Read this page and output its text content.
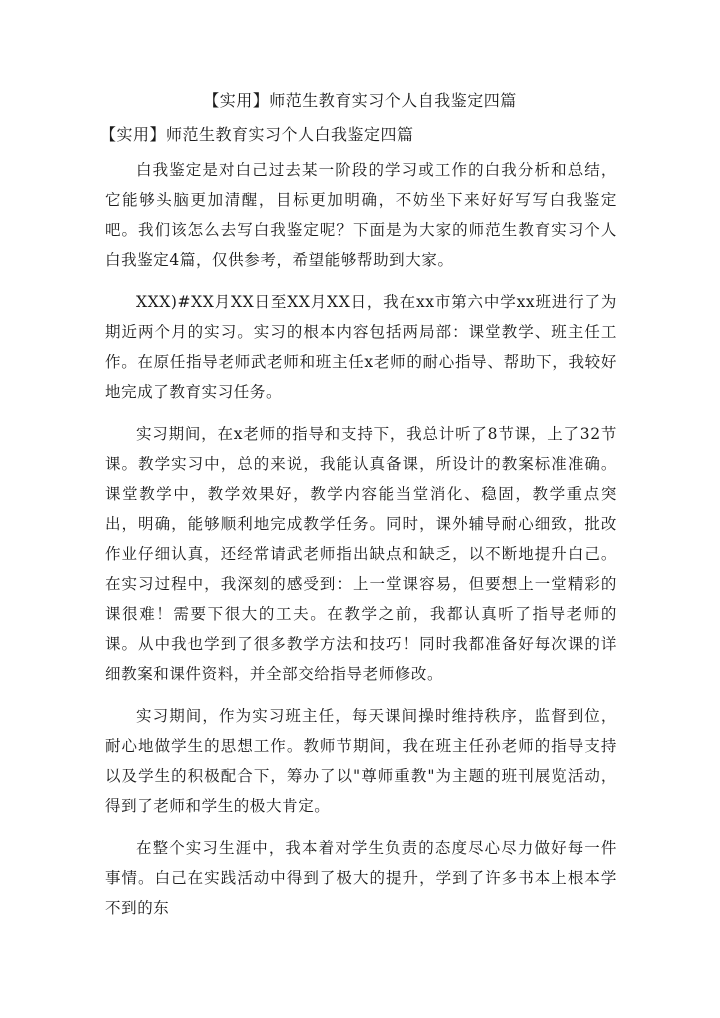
【实用】师范生教育实习个人自我鉴定四篇
【实用】师范生教育实习个人白我鉴定四篇

白我鉴定是对白己过去某一阶段的学习或工作的白我分析和总结，它能够头脑更加清醒，目标更加明确，不妨坐下来好好写写白我鉴定吧。我们该怎么去写白我鉴定呢？下面是为大家的师范生教育实习个人白我鉴定4篇，仅供参考，希望能够帮助到大家。

XXX)#XX月XX日至XX月XX日，我在xx市第六中学xx班进行了为期近两个月的实习。实习的根本内容包括两局部：课堂教学、班主任工作。在原任指导老师武老师和班主任x老师的耐心指导、帮助下，我较好地完成了教育实习任务。

实习期间，在x老师的指导和支持下，我总计听了8节课，上了32节课。教学实习中，总的来说，我能认真备课，所设计的教案标准准确。课堂教学中，教学效果好，教学内容能当堂消化、稳固，教学重点突出，明确，能够顺利地完成教学任务。同时，课外辅导耐心细致，批改作业仔细认真，还经常请武老师指出缺点和缺乏，以不断地提升白己。在实习过程中，我深刻的感受到：上一堂课容易，但要想上一堂精彩的课很难！需要下很大的工夫。在教学之前，我都认真听了指导老师的课。从中我也学到了很多教学方法和技巧！同时我都准备好每次课的详细教案和课件资料，并全部交给指导老师修改。

实习期间，作为实习班主任，每天课间操时维持秩序，监督到位，耐心地做学生的思想工作。教师节期间，我在班主任孙老师的指导支持以及学生的积极配合下，筹办了以"尊师重教"为主题的班刊展览活动，得到了老师和学生的极大肯定。

在整个实习生涯中，我本着对学生负责的态度尽心尽力做好每一件事情。白己在实践活动中得到了极大的提升，学到了许多书本上根本学不到的东
